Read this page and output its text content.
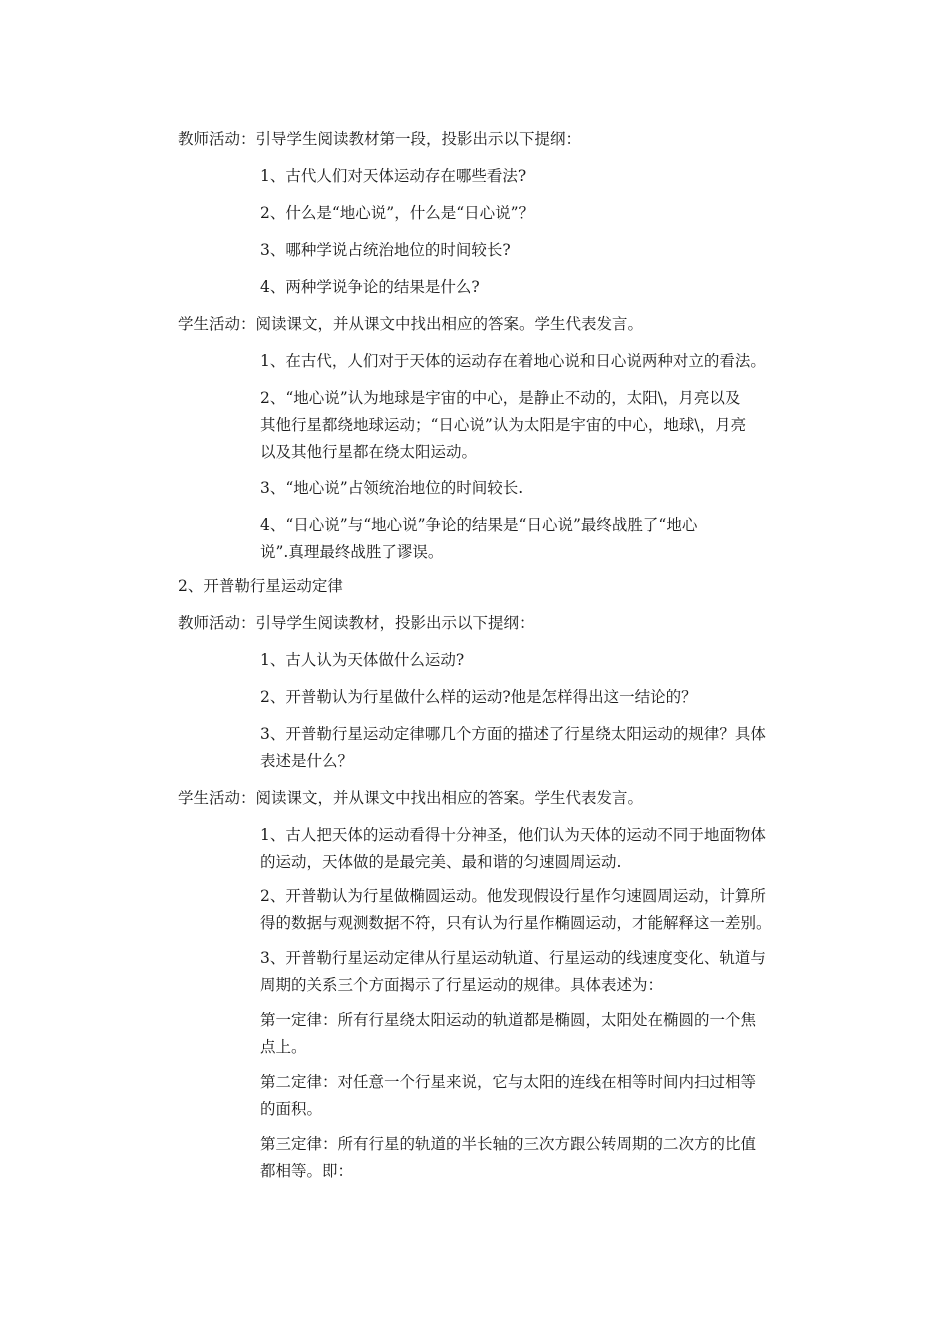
教师活动：引导学生阅读教材第一段，投影出示以下提纲：
1、古代人们对天体运动存在哪些看法?
2、什么是“地心说”，什么是“日心说”？
3、哪种学说占统治地位的时间较长?
4、两种学说争论的结果是什么?
学生活动：阅读课文，并从课文中找出相应的答案。学生代表发言。
1、在古代，人们对于天体的运动存在着地心说和日心说两种对立的看法。
2、“地心说”认为地球是宇宙的中心，是静止不动的，太阳\，月亮以及
其他行星都绕地球运动；“日心说”认为太阳是宇宙的中心，地球\，月亮
以及其他行星都在绕太阳运动。
3、“地心说”占领统治地位的时间较长.
4、“日心说”与“地心说”争论的结果是“日心说”最终战胜了“地心
说”.真理最终战胜了谬误。
2、开普勒行星运动定律
教师活动：引导学生阅读教材，投影出示以下提纲：
1、古人认为天体做什么运动?
2、开普勒认为行星做什么样的运动?他是怎样得出这一结论的？
3、开普勒行星运动定律哪几个方面的描述了行星绕太阳运动的规律？具体
表述是什么？
学生活动：阅读课文，并从课文中找出相应的答案。学生代表发言。
1、古人把天体的运动看得十分神圣，他们认为天体的运动不同于地面物体
的运动，天体做的是最完美、最和谐的匀速圆周运动.
2、开普勒认为行星做椭圆运动。他发现假设行星作匀速圆周运动，计算所
得的数据与观测数据不符，只有认为行星作椭圆运动，才能解释这一差别。
3、开普勒行星运动定律从行星运动轨道、行星运动的线速度变化、轨道与
周期的关系三个方面揭示了行星运动的规律。具体表述为：
第一定律：所有行星绕太阳运动的轨道都是椭圆，太阳处在椭圆的一个焦
点上。
第二定律：对任意一个行星来说，它与太阳的连线在相等时间内扫过相等
的面积。
第三定律：所有行星的轨道的半长轴的三次方跟公转周期的二次方的比值
都相等。即：
